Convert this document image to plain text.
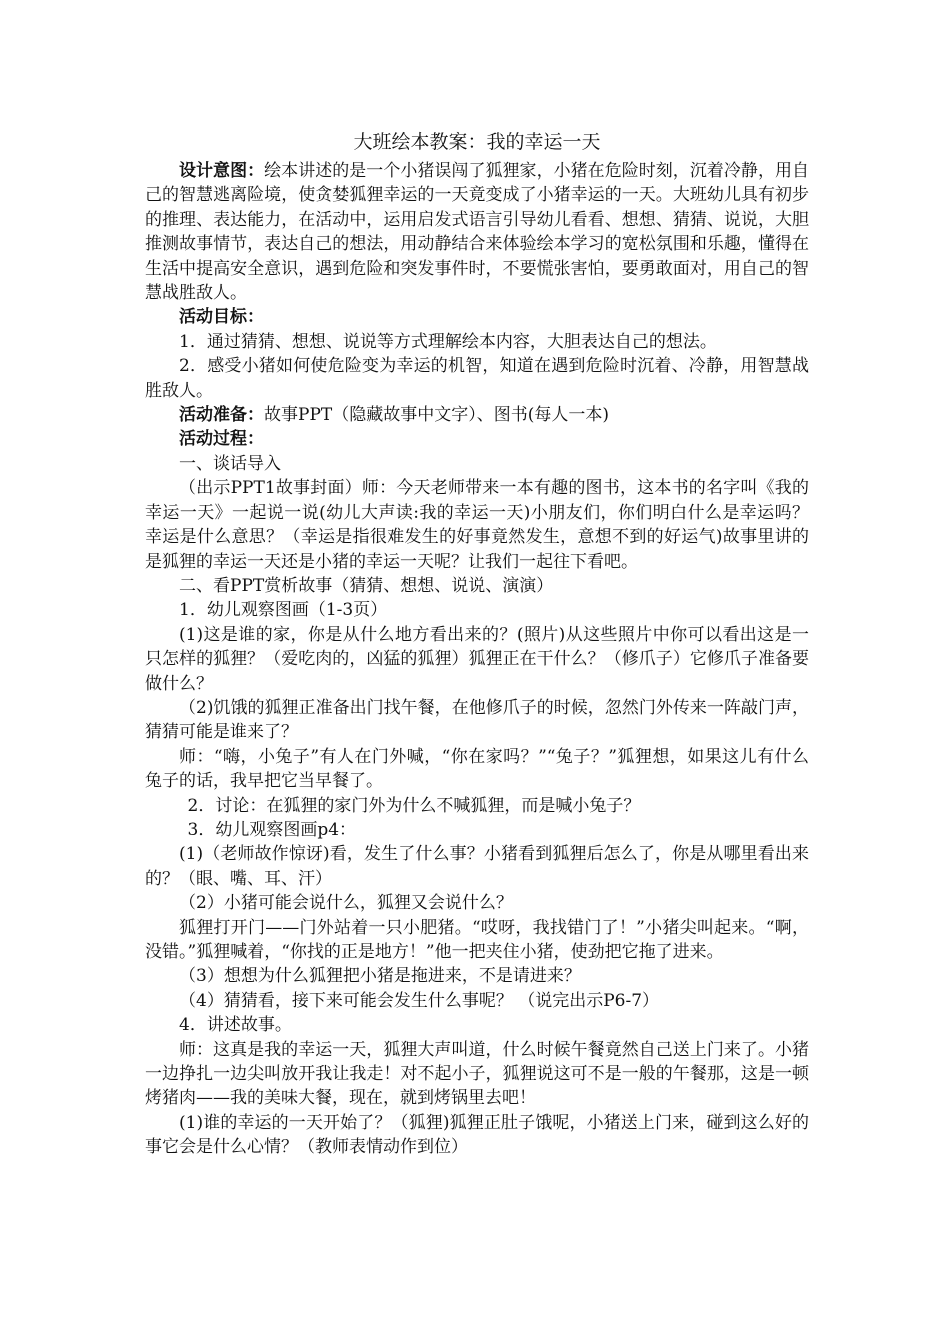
大班绘本教案：我的幸运一天

设计意图：绘本讲述的是一个小猪误闯了狐狸家，小猪在危险时刻，沉着冷静，用自己的智慧逃离险境，使贪婪狐狸幸运的一天竟变成了小猪幸运的一天。大班幼儿具有初步的推理、表达能力，在活动中，运用启发式语言引导幼儿看看、想想、猜猜、说说，大胆推测故事情节，表达自己的想法，用动静结合来体验绘本学习的宽松氛围和乐趣，懂得在生活中提高安全意识，遇到危险和突发事件时，不要慌张害怕，要勇敢面对，用自己的智慧战胜敌人。

活动目标：

1．通过猜猜、想想、说说等方式理解绘本内容，大胆表达自己的想法。

2．感受小猪如何使危险变为幸运的机智，知道在遇到危险时沉着、冷静，用智慧战胜敌人。

活动准备：故事PPT（隐藏故事中文字）、图书(每人一本)

活动过程：

一、谈话导入

（出示PPT1故事封面）师：今天老师带来一本有趣的图书，这本书的名字叫《我的幸运一天》一起说一说(幼儿大声读:我的幸运一天)小朋友们，你们明白什么是幸运吗？幸运是什么意思？（幸运是指很难发生的好事竟然发生，意想不到的好运气)故事里讲的是狐狸的幸运一天还是小猪的幸运一天呢？让我们一起往下看吧。

二、看PPT赏析故事（猜猜、想想、说说、演演）

1．幼儿观察图画（1-3页）

(1)这是谁的家，你是从什么地方看出来的？(照片)从这些照片中你可以看出这是一只怎样的狐狸？（爱吃肉的，凶猛的狐狸）狐狸正在干什么？（修爪子）它修爪子准备要做什么？

（2)饥饿的狐狸正准备出门找午餐，在他修爪子的时候，忽然门外传来一阵敲门声，猜猜可能是谁来了？

师：“嗨，小兔子”有人在门外喊，“你在家吗？”“兔子？”狐狸想，如果这儿有什么兔子的话，我早把它当早餐了。

2．讨论：在狐狸的家门外为什么不喊狐狸，而是喊小兔子？

3．幼儿观察图画p4：

(1)（老师故作惊讶)看，发生了什么事？小猪看到狐狸后怎么了，你是从哪里看出来的？（眼、嘴、耳、汗）

（2）小猪可能会说什么，狐狸又会说什么？

狐狸打开门——门外站着一只小肥猪。“哎呀，我找错门了！”小猪尖叫起来。“啊，没错。”狐狸喊着，“你找的正是地方！”他一把夹住小猪，使劲把它拖了进来。

（3）想想为什么狐狸把小猪是拖进来，不是请进来？

（4）猜猜看，接下来可能会发生什么事呢？ （说完出示P6-7）

4．讲述故事。

师：这真是我的幸运一天，狐狸大声叫道，什么时候午餐竟然自己送上门来了。小猪一边挣扎一边尖叫放开我让我走！对不起小子，狐狸说这可不是一般的午餐那，这是一顿烤猪肉——我的美味大餐，现在，就到烤锅里去吧！

(1)谁的幸运的一天开始了？（狐狸)狐狸正肚子饿呢，小猪送上门来，碰到这么好的事它会是什么心情？（教师表情动作到位）
